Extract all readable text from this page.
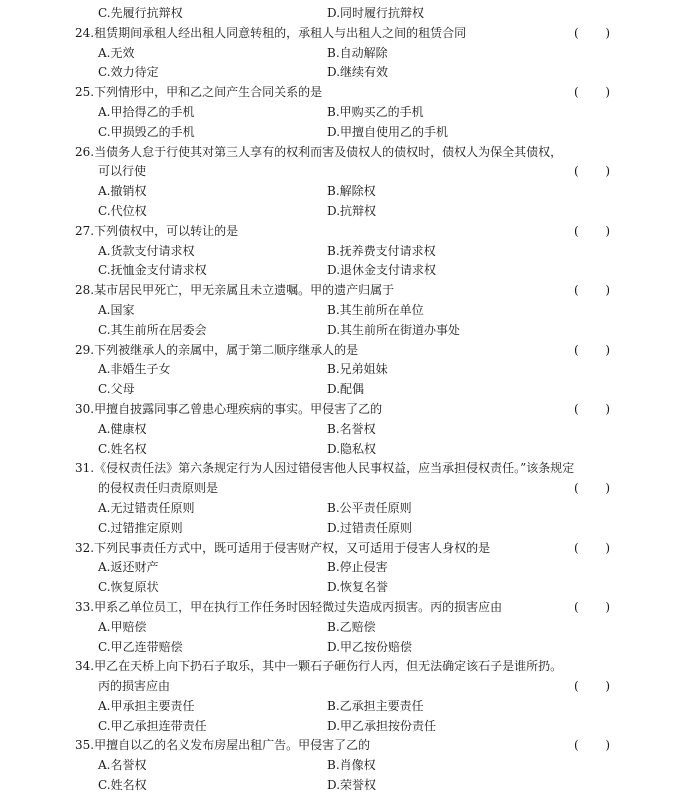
C.先履行抗辩权	D.同时履行抗辩权
24.租赁期间承租人经出租人同意转租的，承租人与出租人之间的租赁合同	( )
A.无效	B.自动解除
C.效力待定	D.继续有效
25.下列情形中，甲和乙之间产生合同关系的是	( )
A.甲拾得乙的手机	B.甲购买乙的手机
C.甲损毁乙的手机	D.甲擅自使用乙的手机
26.当债务人怠于行使其对第三人享有的权利而害及债权人的债权时，债权人为保全其债权，
可以行使	( )
A.撤销权	B.解除权
C.代位权	D.抗辩权
27.下列债权中，可以转让的是	( )
A.货款支付请求权	B.抚养费支付请求权
C.抚恤金支付请求权	D.退休金支付请求权
28.某市居民甲死亡，甲无亲属且未立遗嘱。甲的遗产归属于	( )
A.国家	B.其生前所在单位
C.其生前所在居委会	D.其生前所在街道办事处
29.下列被继承人的亲属中，属于第二顺序继承人的是	( )
A.非婚生子女	B.兄弟姐妹
C.父母	D.配偶
30.甲擅自披露同事乙曾患心理疾病的事实。甲侵害了乙的	( )
A.健康权	B.名誉权
C.姓名权	D.隐私权
31.《侵权责任法》第六条规定行为人因过错侵害他人民事权益，应当承担侵权责任。”该条规定
的侵权责任归责原则是	( )
A.无过错责任原则	B.公平责任原则
C.过错推定原则	D.过错责任原则
32.下列民事责任方式中，既可适用于侵害财产权，又可适用于侵害人身权的是	( )
A.返还财产	B.停止侵害
C.恢复原状	D.恢复名誉
33.甲系乙单位员工，甲在执行工作任务时因轻微过失造成丙损害。丙的损害应由	( )
A.甲赔偿	B.乙赔偿
C.甲乙连带赔偿	D.甲乙按份赔偿
34.甲乙在天桥上向下扔石子取乐，其中一颗石子砸伤行人丙，但无法确定该石子是谁所扔。
丙的损害应由	( )
A.甲承担主要责任	B.乙承担主要责任
C.甲乙承担连带责任	D.甲乙承担按份责任
35.甲擅自以乙的名义发布房屋出租广告。甲侵害了乙的	( )
A.名誉权	B.肖像权
C.姓名权	D.荣誉权
